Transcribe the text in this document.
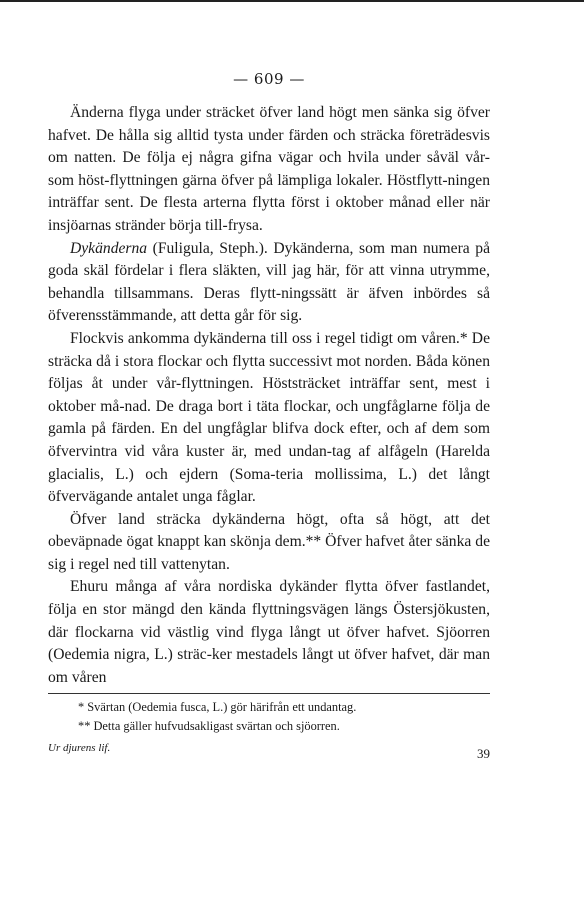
— 609 —

Änderna flyga under sträcket öfver land högt men sänka sig öfver hafvet. De hålla sig alltid tysta under färden och sträcka företrädesvis om natten. De följa ej några gifna vägar och hvila under såväl vår- som höst-flyttningen gärna öfver på lämpliga lokaler. Höstflytt-ningen inträffar sent. De flesta arterna flytta först i oktober månad eller när insjöarnas stränder börja till-frysa.

Dykänderna (Fuligula, Steph.). Dykänderna, som man numera på goda skäl fördelar i flera släkten, vill jag här, för att vinna utrymme, behandla tillsammans. Deras flytt-ningssätt är äfven inbördes så öfverensstämmande, att detta går för sig.

Flockvis ankomma dykänderna till oss i regel tidigt om våren.* De sträcka då i stora flockar och flytta successivt mot norden. Båda könen följas åt under vår-flyttningen. Höststräcket inträffar sent, mest i oktober må-nad. De draga bort i täta flockar, och ungfåglarne följa de gamla på färden. En del ungfåglar blifva dock efter, och af dem som öfvervintra vid våra kuster är, med undan-tag af alfågeln (Harelda glacialis, L.) och ejdern (Soma-teria mollissima, L.) det långt öfvervägande antalet unga fåglar.

Öfver land sträcka dykänderna högt, ofta så högt, att det obeväpnade ögat knappt kan skönja dem.** Öfver hafvet åter sänka de sig i regel ned till vattenytan.

Ehuru många af våra nordiska dykänder flytta öfver fastlandet, följa en stor mängd den kända flyttningsvägen längs Östersjökusten, där flockarna vid västlig vind flyga långt ut öfver hafvet. Sjöorren (Oedemia nigra, L.) sträc-ker mestadels långt ut öfver hafvet, där man om våren

* Svärtan (Oedemia fusca, L.) gör härifrån ett undantag.

** Detta gäller hufvudsakligast svärtan och sjöorren.

Ur djurens lif.	39
